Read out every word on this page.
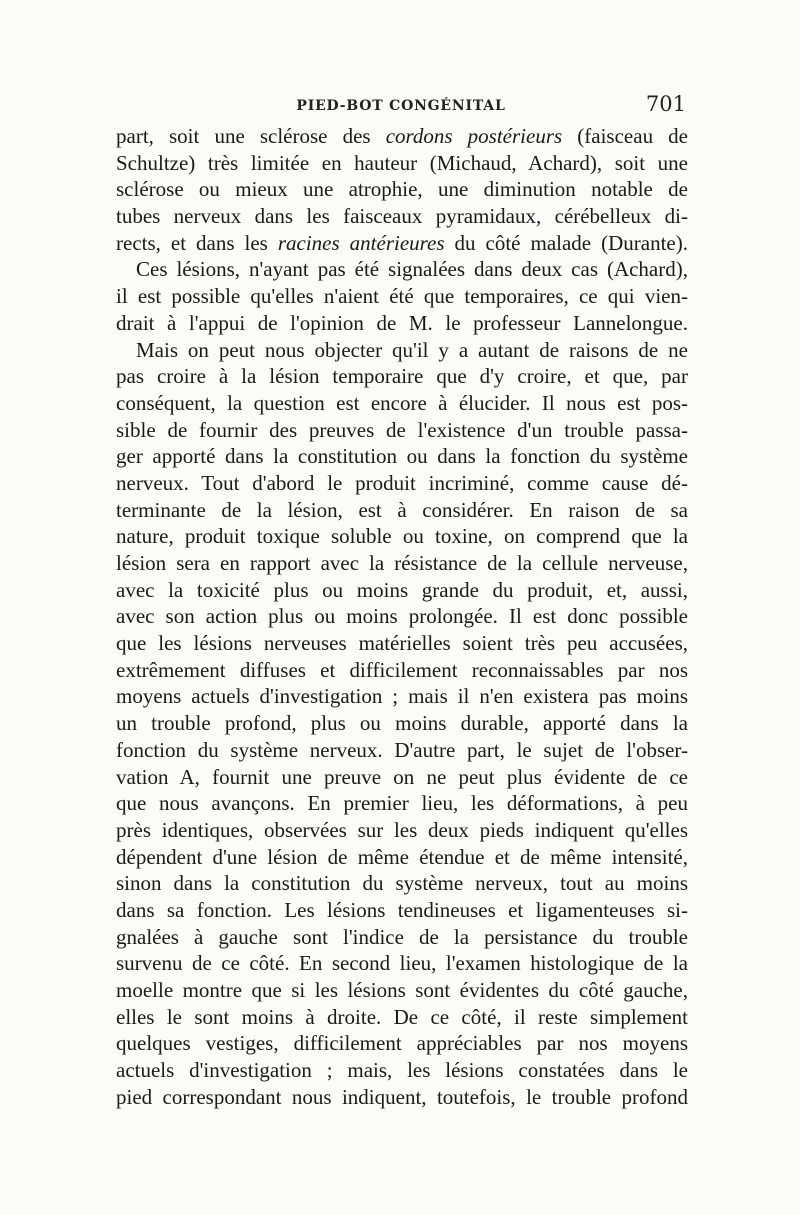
PIED-BOT CONGÉNITAL	701
part, soit une sclérose des cordons postérieurs (faisceau de
Schultze) très limitée en hauteur (Michaud, Achard), soit une
sclérose ou mieux une atrophie, une diminution notable de
tubes nerveux dans les faisceaux pyramidaux, cérébelleux di-
rects, et dans les racines antérieures du côté malade (Durante).
Ces lésions, n'ayant pas été signalées dans deux cas (Achard),
il est possible qu'elles n'aient été que temporaires, ce qui vien-
drait à l'appui de l'opinion de M. le professeur Lannelongue.
Mais on peut nous objecter qu'il y a autant de raisons de ne
pas croire à la lésion temporaire que d'y croire, et que, par
conséquent, la question est encore à élucider. Il nous est pos-
sible de fournir des preuves de l'existence d'un trouble passa-
ger apporté dans la constitution ou dans la fonction du système
nerveux. Tout d'abord le produit incriminé, comme cause dé-
terminante de la lésion, est à considérer. En raison de sa
nature, produit toxique soluble ou toxine, on comprend que la
lésion sera en rapport avec la résistance de la cellule nerveuse,
avec la toxicité plus ou moins grande du produit, et, aussi,
avec son action plus ou moins prolongée. Il est donc possible
que les lésions nerveuses matérielles soient très peu accusées,
extrêmement diffuses et difficilement reconnaissables par nos
moyens actuels d'investigation ; mais il n'en existera pas moins
un trouble profond, plus ou moins durable, apporté dans la
fonction du système nerveux. D'autre part, le sujet de l'obser-
vation A, fournit une preuve on ne peut plus évidente de ce
que nous avançons. En premier lieu, les déformations, à peu
près identiques, observées sur les deux pieds indiquent qu'elles
dépendent d'une lésion de même étendue et de même intensité,
sinon dans la constitution du système nerveux, tout au moins
dans sa fonction. Les lésions tendineuses et ligamenteuses si-
gnalées à gauche sont l'indice de la persistance du trouble
survenu de ce côté. En second lieu, l'examen histologique de la
moelle montre que si les lésions sont évidentes du côté gauche,
elles le sont moins à droite. De ce côté, il reste simplement
quelques vestiges, difficilement appréciables par nos moyens
actuels d'investigation ; mais, les lésions constatées dans le
pied correspondant nous indiquent, toutefois, le trouble profond
